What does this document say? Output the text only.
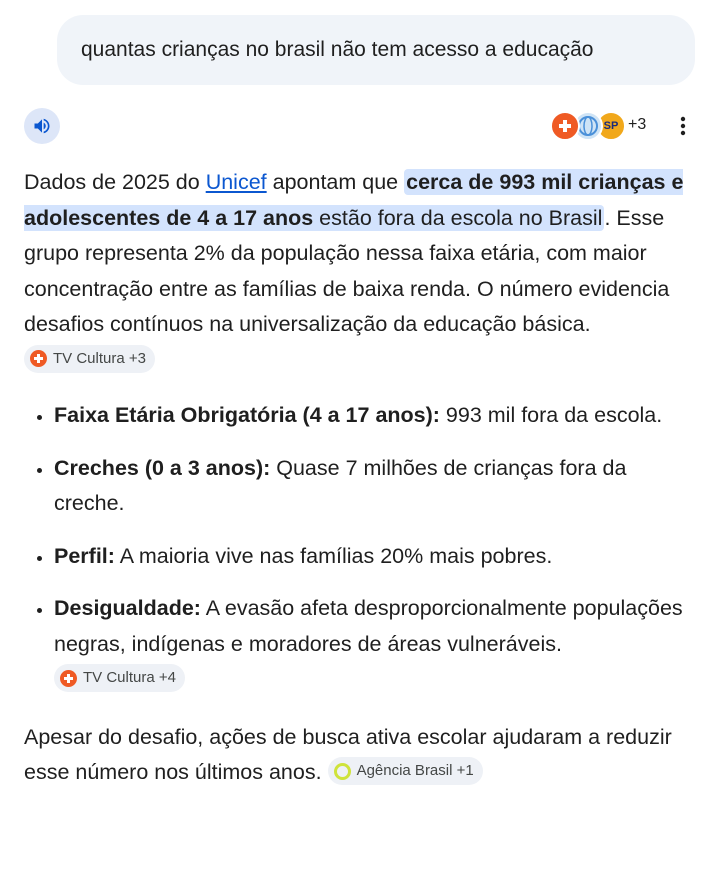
quantas crianças no brasil não tem acesso a educação
SP +3

Dados de 2025 do Unicef apontam que cerca de 993 mil crianças e adolescentes de 4 a 17 anos estão fora da escola no Brasil. Esse grupo representa 2% da população nessa faixa etária, com maior concentração entre as famílias de baixa renda. O número evidencia desafios contínuos na universalização da educação básica.
TV Cultura +3

• Faixa Etária Obrigatória (4 a 17 anos): 993 mil fora da escola.
• Creches (0 a 3 anos): Quase 7 milhões de crianças fora da creche.
• Perfil: A maioria vive nas famílias 20% mais pobres.
• Desigualdade: A evasão afeta desproporcionalmente populações negras, indígenas e moradores de áreas vulneráveis.
TV Cultura +4

Apesar do desafio, ações de busca ativa escolar ajudaram a reduzir esse número nos últimos anos. Agência Brasil +1
